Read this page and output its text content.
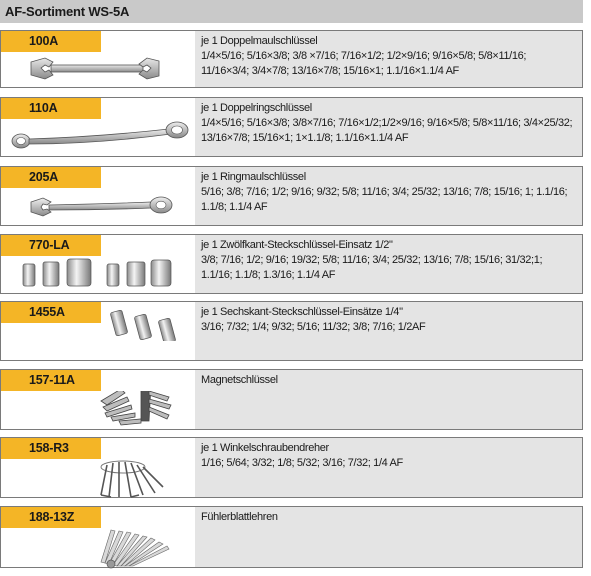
AF-Sortiment WS-5A
je 1 Doppelmaulschlüssel
1/4×5/16; 5/16×3/8; 3/8 ×7/16; 7/16×1/2; 1/2×9/16; 9/16×5/8; 5/8×11/16; 11/16×3/4; 3/4×7/8; 13/16×7/8; 15/16×1; 1.1/16×1.1/4 AF
100A
je 1 Doppelringschlüssel
1/4×5/16; 5/16×3/8; 3/8×7/16; 7/16×1/2;1/2×9/16; 9/16×5/8; 5/8×11/16; 3/4×25/32; 13/16×7/8; 15/16×1; 1×1.1/8; 1.1/16×1.1/4 AF
110A
je 1 Ringmaulschlüssel
5/16; 3/8; 7/16; 1/2; 9/16; 9/32; 5/8; 11/16; 3/4; 25/32; 13/16; 7/8; 15/16; 1; 1.1/16; 1.1/8; 1.1/4 AF
205A
je 1 Zwölfkant-Steckschlüssel-Einsatz 1/2"
3/8; 7/16; 1/2; 9/16; 19/32; 5/8; 11/16; 3/4; 25/32; 13/16; 7/8; 15/16; 31/32;1; 1.1/16; 1.1/8; 1.3/16; 1.1/4 AF
770-LA
je 1 Sechskant-Steckschlüssel-Einsätze 1/4"
3/16; 7/32; 1/4; 9/32; 5/16; 11/32; 3/8; 7/16; 1/2AF
1455A
Magnetschlüssel
157-11A
je 1 Winkelschraubendreher
1/16; 5/64; 3/32; 1/8; 5/32; 3/16; 7/32; 1/4 AF
158-R3
Fühlerblattlehren
188-13Z
